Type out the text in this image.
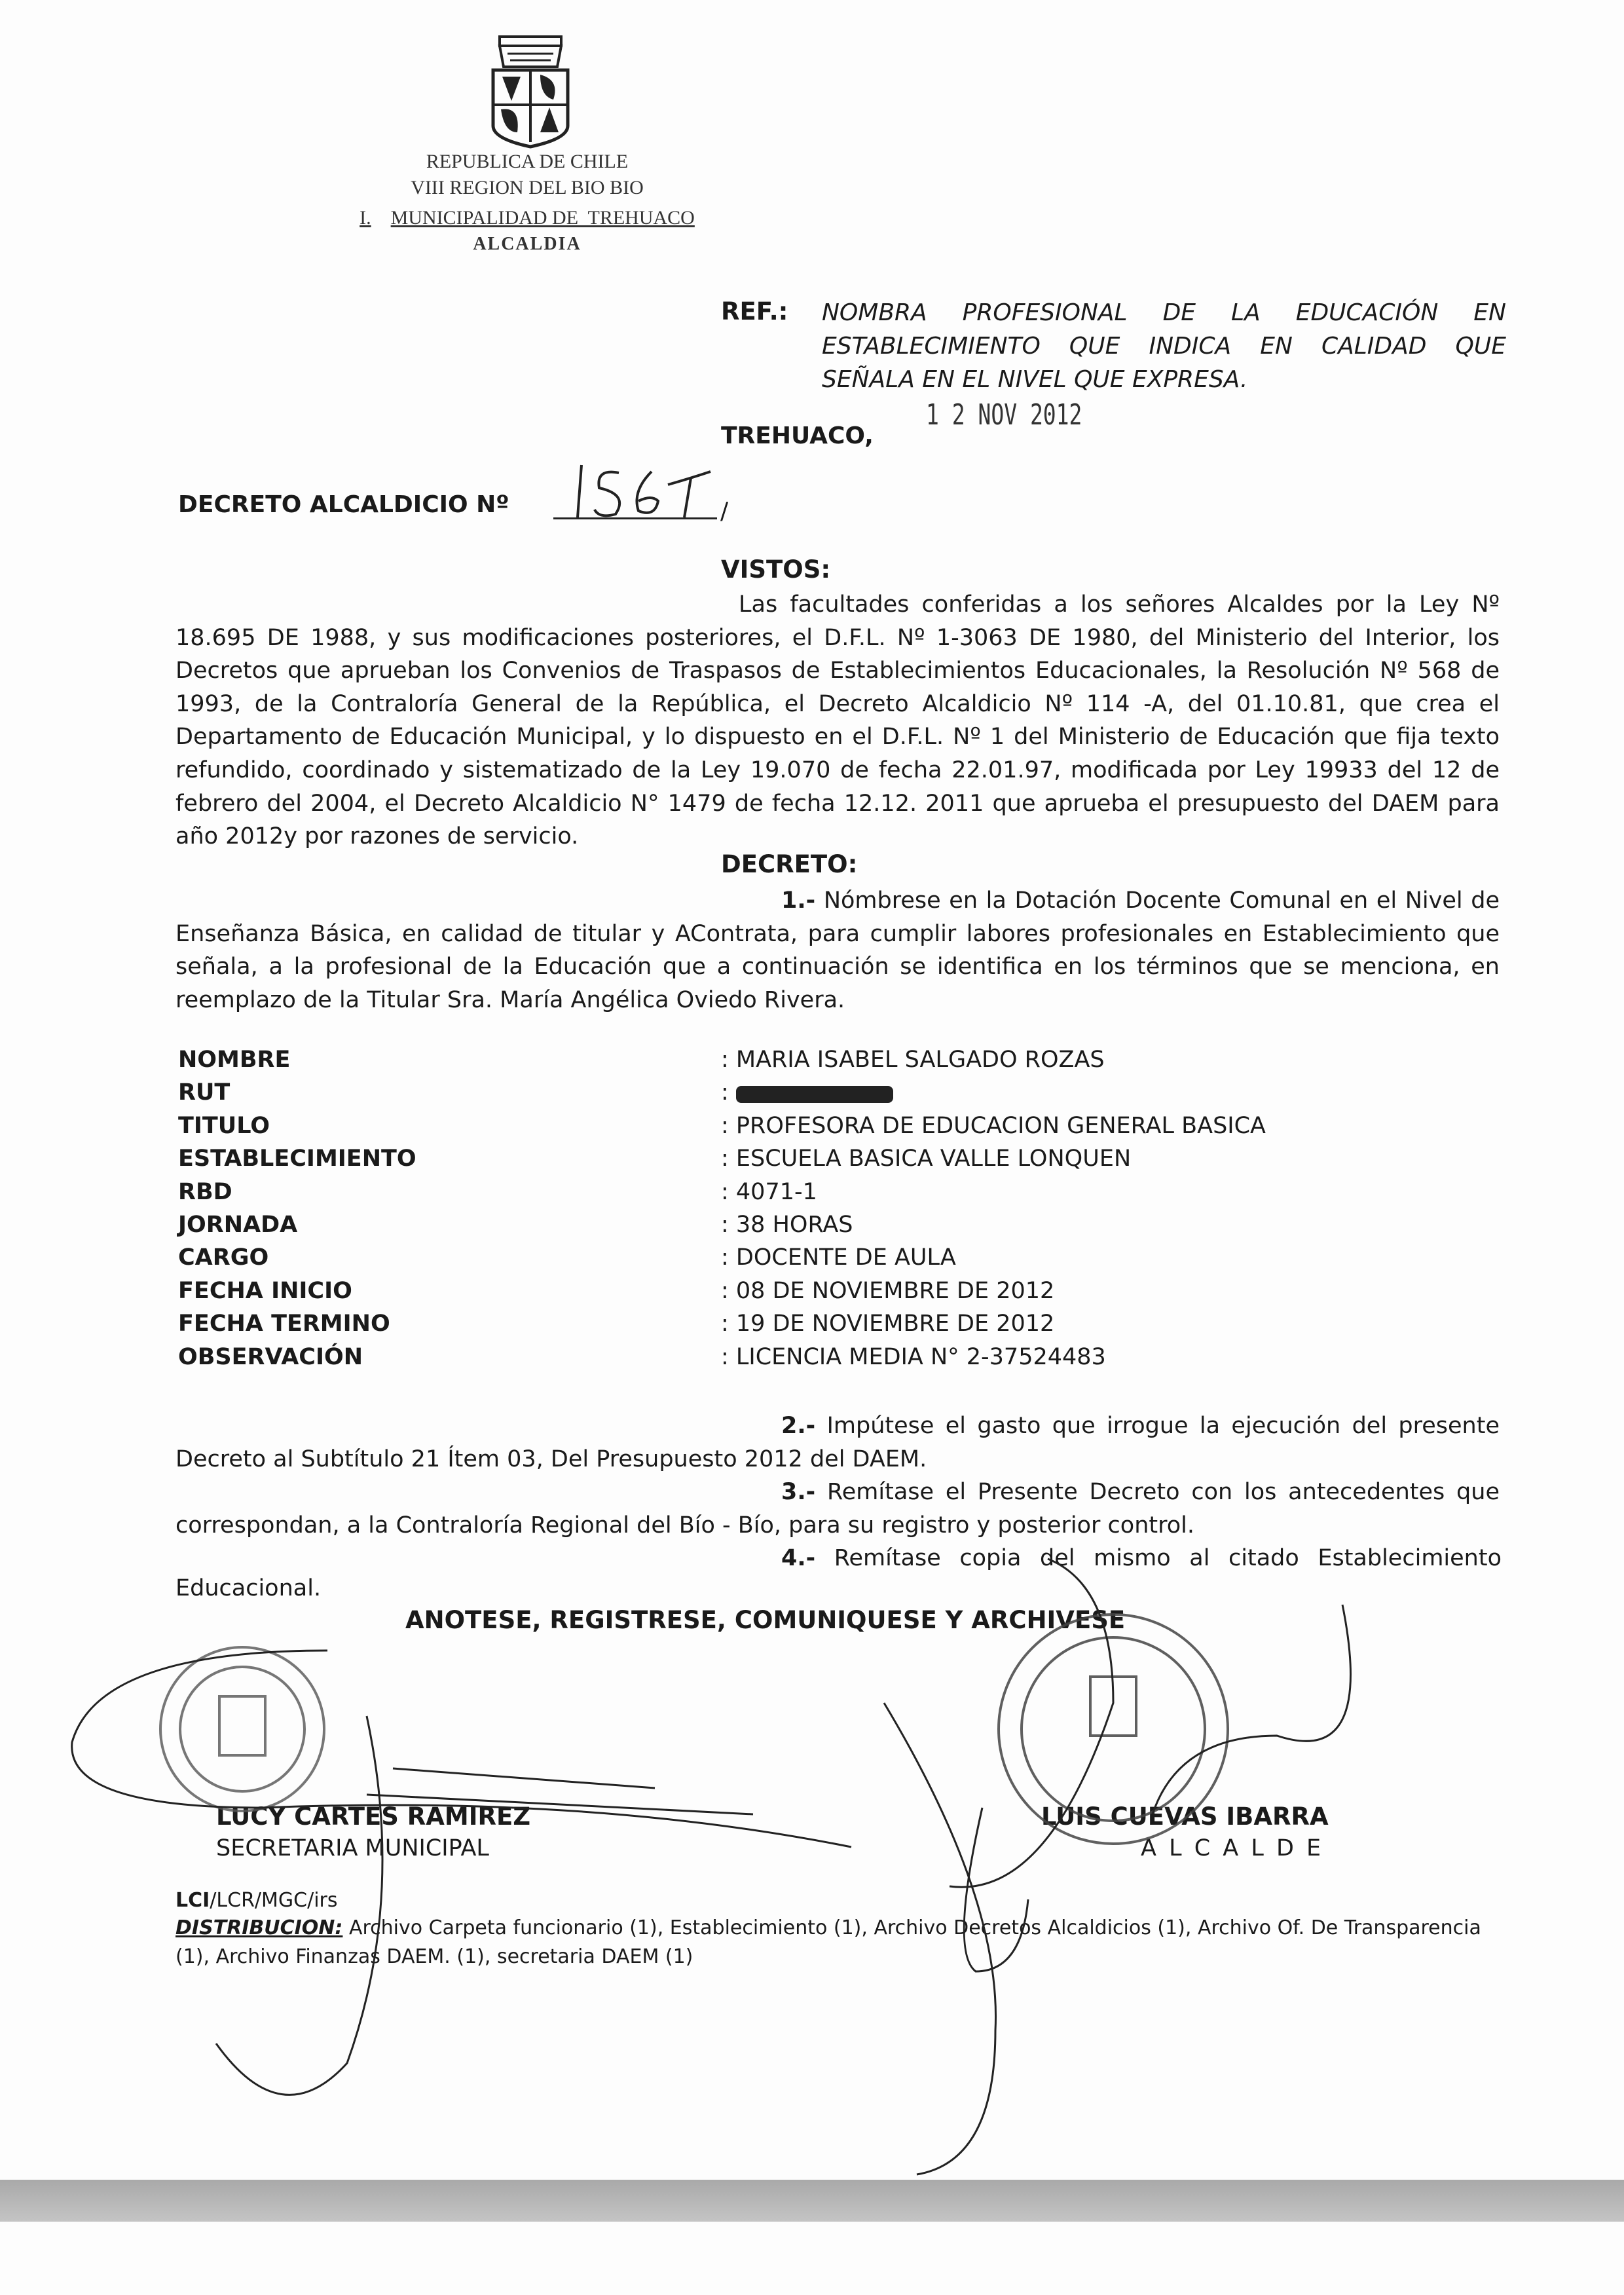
REPUBLICA DE CHILE
VIII REGION DEL BIO BIO
I. MUNICIPALIDAD DE  TREHUACO
ALCALDIA
REF.: NOMBRA PROFESIONAL DE LA EDUCACIÓN EN
ESTABLECIMIENTO QUE INDICA EN CALIDAD QUE
SEÑALA EN EL NIVEL QUE EXPRESA.
1 2 NOV 2012
TREHUACO,
DECRETO ALCALDICIO Nº	/
VISTOS:
Las facultades conferidas a los señores Alcaldes por la Ley Nº 18.695 DE 1988, y sus modificaciones posteriores, el D.F.L. Nº 1-3063 DE 1980, del Ministerio del Interior, los Decretos que aprueban los Convenios de Traspasos de Establecimientos Educacionales, la Resolución Nº 568 de 1993, de la Contraloría General de la República, el Decreto Alcaldicio Nº 114 -A, del 01.10.81, que crea el Departamento de Educación Municipal, y lo dispuesto en el D.F.L. Nº 1 del Ministerio de Educación que fija texto refundido, coordinado y sistematizado de la Ley 19.070 de fecha 22.01.97, modificada por Ley 19933 del 12 de febrero del 2004, el Decreto Alcaldicio N° 1479 de fecha 12.12. 2011 que aprueba el presupuesto del DAEM para año 2012y por razones de servicio.
DECRETO:
1.- Nómbrese en la Dotación Docente Comunal en el Nivel de Enseñanza Básica, en calidad de titular y AContrata, para cumplir labores profesionales en Establecimiento que señala, a la profesional de la Educación que a continuación se identifica en los términos que se menciona, en reemplazo de la Titular Sra. María Angélica Oviedo Rivera.
NOMBRE	: MARIA ISABEL SALGADO ROZAS
RUT	:
TITULO	: PROFESORA DE EDUCACION GENERAL BASICA
ESTABLECIMIENTO	: ESCUELA BASICA VALLE LONQUEN
RBD	: 4071-1
JORNADA	: 38 HORAS
CARGO	: DOCENTE DE AULA
FECHA INICIO	: 08 DE NOVIEMBRE DE 2012
FECHA TERMINO	: 19 DE NOVIEMBRE DE 2012
OBSERVACIÓN	: LICENCIA MEDIA N° 2-37524483
2.- Impútese el gasto que irrogue la ejecución del presente Decreto al Subtítulo 21 Ítem 03, Del Presupuesto 2012 del DAEM.
3.- Remítase el Presente Decreto con los antecedentes que correspondan, a la Contraloría Regional del Bío - Bío, para su registro y posterior control.
4.- Remítase copia del mismo al citado Establecimiento
Educacional.
ANOTESE, REGISTRESE, COMUNIQUESE Y ARCHIVESE
LUCY CARTES RAMIREZ
SECRETARIA MUNICIPAL
LUIS CUEVAS IBARRA
A L C A L D E
LCI/LCR/MGC/irs
DISTRIBUCION: Archivo Carpeta funcionario (1), Establecimiento (1), Archivo Decretos Alcaldicios (1), Archivo Of. De Transparencia (1), Archivo Finanzas DAEM. (1), secretaria DAEM (1)
